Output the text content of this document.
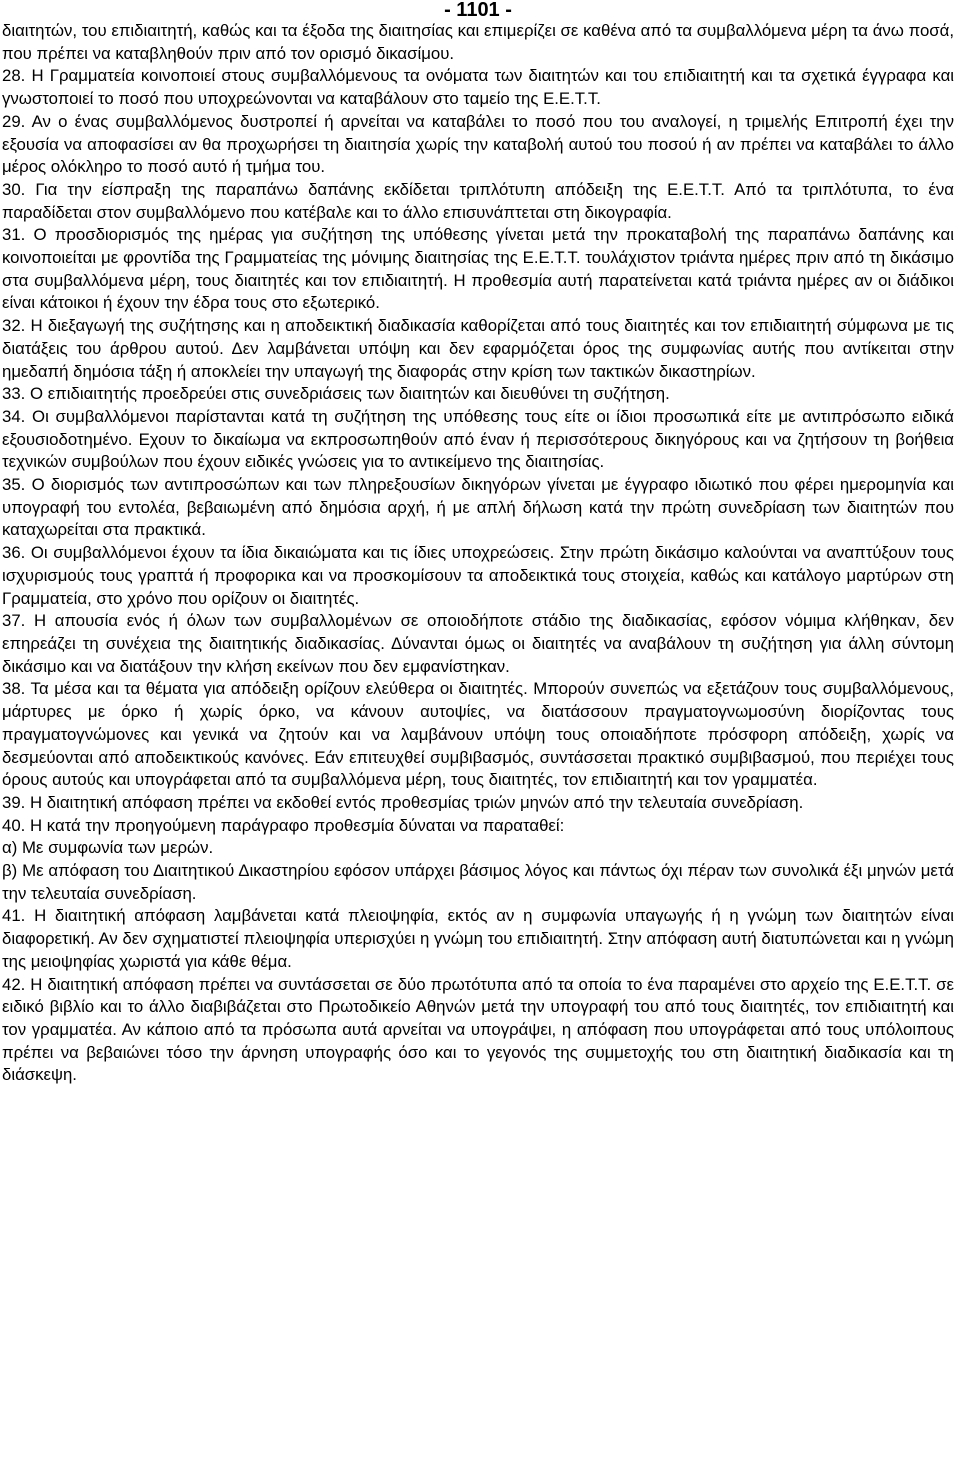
- 1101 -

διαιτητών, του επιδιαιτητή, καθώς και τα έξοδα της διαιτησίας και επιμερίζει σε καθένα από τα συμβαλλόμενα μέρη τα άνω ποσά, που πρέπει να καταβληθούν πριν από τον ορισμό δικασίμου.

28. Η Γραμματεία κοινοποιεί στους συμβαλλόμενους τα ονόματα των διαιτητών και του επιδιαιτητή και τα σχετικά έγγραφα και γνωστοποιεί το ποσό που υποχρεώνονται να καταβάλουν στο ταμείο της Ε.Ε.Τ.Τ.

29. Αν ο ένας συμβαλλόμενος δυστροπεί ή αρνείται να καταβάλει το ποσό που του αναλογεί, η τριμελής Επιτροπή έχει την εξουσία να αποφασίσει αν θα προχωρήσει τη διαιτησία χωρίς την καταβολή αυτού του ποσού ή αν πρέπει να καταβάλει το άλλο μέρος ολόκληρο το ποσό αυτό ή τμήμα του.

30. Για την είσπραξη της παραπάνω δαπάνης εκδίδεται τριπλότυπη απόδειξη της Ε.Ε.Τ.Τ. Από τα τριπλότυπα, το ένα παραδίδεται στον συμβαλλόμενο που κατέβαλε και το άλλο επισυνάπτεται στη δικογραφία.

31. Ο προσδιορισμός της ημέρας για συζήτηση της υπόθεσης γίνεται μετά την προκαταβολή της παραπάνω δαπάνης και κοινοποιείται με φροντίδα της Γραμματείας της μόνιμης διαιτησίας της Ε.Ε.Τ.Τ. τουλάχιστον τριάντα ημέρες πριν από τη δικάσιμο στα συμβαλλόμενα μέρη, τους διαιτητές και τον επιδιαιτητή. Η προθεσμία αυτή παρατείνεται κατά τριάντα ημέρες αν οι διάδικοι είναι κάτοικοι ή έχουν την έδρα τους στο εξωτερικό.

32. Η διεξαγωγή της συζήτησης και η αποδεικτική διαδικασία καθορίζεται από τους διαιτητές και τον επιδιαιτητή σύμφωνα με τις διατάξεις του άρθρου αυτού. Δεν λαμβάνεται υπόψη και δεν εφαρμόζεται όρος της συμφωνίας αυτής που αντίκειται στην ημεδαπή δημόσια τάξη ή αποκλείει την υπαγωγή της διαφοράς στην κρίση των τακτικών δικαστηρίων.

33. Ο επιδιαιτητής προεδρεύει στις συνεδριάσεις των διαιτητών και διευθύνει τη συζήτηση.

34. Οι συμβαλλόμενοι παρίστανται κατά τη συζήτηση της υπόθεσης τους είτε οι ίδιοι προσωπικά είτε με αντιπρόσωπο ειδικά εξουσιοδοτημένο. Εχουν το δικαίωμα να εκπροσωπηθούν από έναν ή περισσότερους δικηγόρους και να ζητήσουν τη βοήθεια τεχνικών συμβούλων που έχουν ειδικές γνώσεις για το αντικείμενο της διαιτησίας.

35. Ο διορισμός των αντιπροσώπων και των πληρεξουσίων δικηγόρων γίνεται με έγγραφο ιδιωτικό που φέρει ημερομηνία και υπογραφή του εντολέα, βεβαιωμένη από δημόσια αρχή, ή με απλή δήλωση κατά την πρώτη συνεδρίαση των διαιτητών που καταχωρείται στα πρακτικά.

36. Οι συμβαλλόμενοι έχουν τα ίδια δικαιώματα και τις ίδιες υποχρεώσεις. Στην πρώτη δικάσιμο καλούνται να αναπτύξουν τους ισχυρισμούς τους γραπτά ή προφορικα και να προσκομίσουν τα αποδεικτικά τους στοιχεία, καθώς και κατάλογο μαρτύρων στη Γραμματεία, στο χρόνο που ορίζουν οι διαιτητές.

37. Η απουσία ενός ή όλων των συμβαλλομένων σε οποιοδήποτε στάδιο της διαδικασίας, εφόσον νόμιμα κλήθηκαν, δεν επηρεάζει τη συνέχεια της διαιτητικής διαδικασίας. Δύνανται όμως οι διαιτητές να αναβάλουν τη συζήτηση για άλλη σύντομη δικάσιμο και να διατάξουν την κλήση εκείνων που δεν εμφανίστηκαν.

38. Τα μέσα και τα θέματα για απόδειξη ορίζουν ελεύθερα οι διαιτητές. Μπορούν συνεπώς να εξετάζουν τους συμβαλλόμενους, μάρτυρες με όρκο ή χωρίς όρκο, να κάνουν αυτοψίες, να διατάσσουν πραγματογνωμοσύνη διορίζοντας τους πραγματογνώμονες και γενικά να ζητούν και να λαμβάνουν υπόψη τους οποιαδήποτε πρόσφορη απόδειξη, χωρίς να δεσμεύονται από αποδεικτικούς κανόνες. Εάν επιτευχθεί συμβιβασμός, συντάσσεται πρακτικό συμβιβασμού, που περιέχει τους όρους αυτούς και υπογράφεται από τα συμβαλλόμενα μέρη, τους διαιτητές, τον επιδιαιτητή και τον γραμματέα.

39. Η διαιτητική απόφαση πρέπει να εκδοθεί εντός προθεσμίας τριών μηνών από την τελευταία συνεδρίαση.

40. Η κατά την προηγούμενη παράγραφο προθεσμία δύναται να παραταθεί:

α) Με συμφωνία των μερών.

β) Με απόφαση του Διαιτητικού Δικαστηρίου εφόσον υπάρχει βάσιμος λόγος και πάντως όχι πέραν των συνολικά έξι μηνών μετά την τελευταία συνεδρίαση.

41. Η διαιτητική απόφαση λαμβάνεται κατά πλειοψηφία, εκτός αν η συμφωνία υπαγωγής ή η γνώμη των διαιτητών είναι διαφορετική. Αν δεν σχηματιστεί πλειοψηφία υπερισχύει η γνώμη του επιδιαιτητή. Στην απόφαση αυτή διατυπώνεται και η γνώμη της μειοψηφίας χωριστά για κάθε θέμα.

42. Η διαιτητική απόφαση πρέπει να συντάσσεται σε δύο πρωτότυπα από τα οποία το ένα παραμένει στο αρχείο της Ε.Ε.Τ.Τ. σε ειδικό βιβλίο και το άλλο διαβιβάζεται στο Πρωτοδικείο Αθηνών μετά την υπογραφή του από τους διαιτητές, τον επιδιαιτητή και τον γραμματέα. Αν κάποιο από τα πρόσωπα αυτά αρνείται να υπογράψει, η απόφαση που υπογράφεται από τους υπόλοιπους πρέπει να βεβαιώνει τόσο την άρνηση υπογραφής όσο και το γεγονός της συμμετοχής του στη διαιτητική διαδικασία και τη διάσκεψη.
